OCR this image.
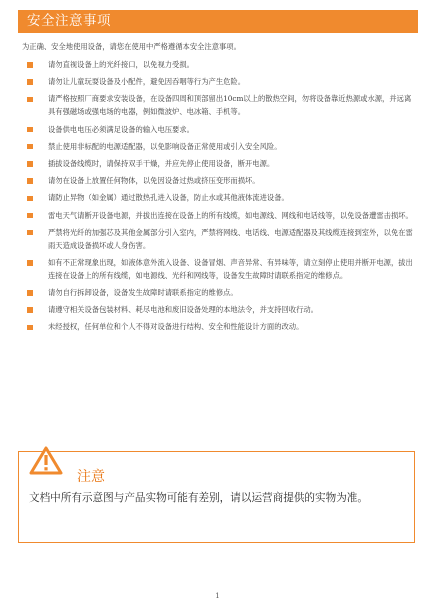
安全注意事项
为正确、安全地使用设备，请您在使用中严格遵循本安全注意事项。
请勿直视设备上的光纤接口，以免视力受损。
请勿让儿童玩耍设备及小配件，避免因吞咽等行为产生危险。
请严格按照厂商要求安装设备，在设备四周和顶部留出10cm以上的散热空间，勿将设备靠近热源或水源，并远离具有强磁场或强电场的电器，例如微波炉、电冰箱、手机等。
设备供电电压必须满足设备的输入电压要求。
禁止使用非标配的电源适配器，以免影响设备正常使用或引入安全风险。
插拔设备线缆时，请保持双手干燥，并应先停止使用设备，断开电源。
请勿在设备上放置任何物体，以免因设备过热或挤压变形而损坏。
请防止异物（如金属）通过散热孔进入设备，防止水或其他液体流进设备。
雷电天气请断开设备电源，并拔出连接在设备上的所有线缆，如电源线、网线和电话线等，以免设备遭雷击损坏。
严禁将光纤的加强芯及其他金属部分引入室内，严禁将网线、电话线、电源适配器及其线缆连接到室外，以免在雷雨天造成设备损坏或人身伤害。
如有不正常现象出现，如液体意外流入设备、设备冒烟、声音异常、有异味等，请立刻停止使用并断开电源，拔出连接在设备上的所有线缆，如电源线、光纤和网线等，设备发生故障时请联系指定的维修点。
请勿自行拆卸设备，设备发生故障时请联系指定的维修点。
请遵守相关设备包装材料、耗尽电池和废旧设备处理的本地法令，并支持回收行动。
未经授权，任何单位和个人不得对设备进行结构、安全和性能设计方面的改动。
注意
文档中所有示意图与产品实物可能有差别，请以运营商提供的实物为准。
1
